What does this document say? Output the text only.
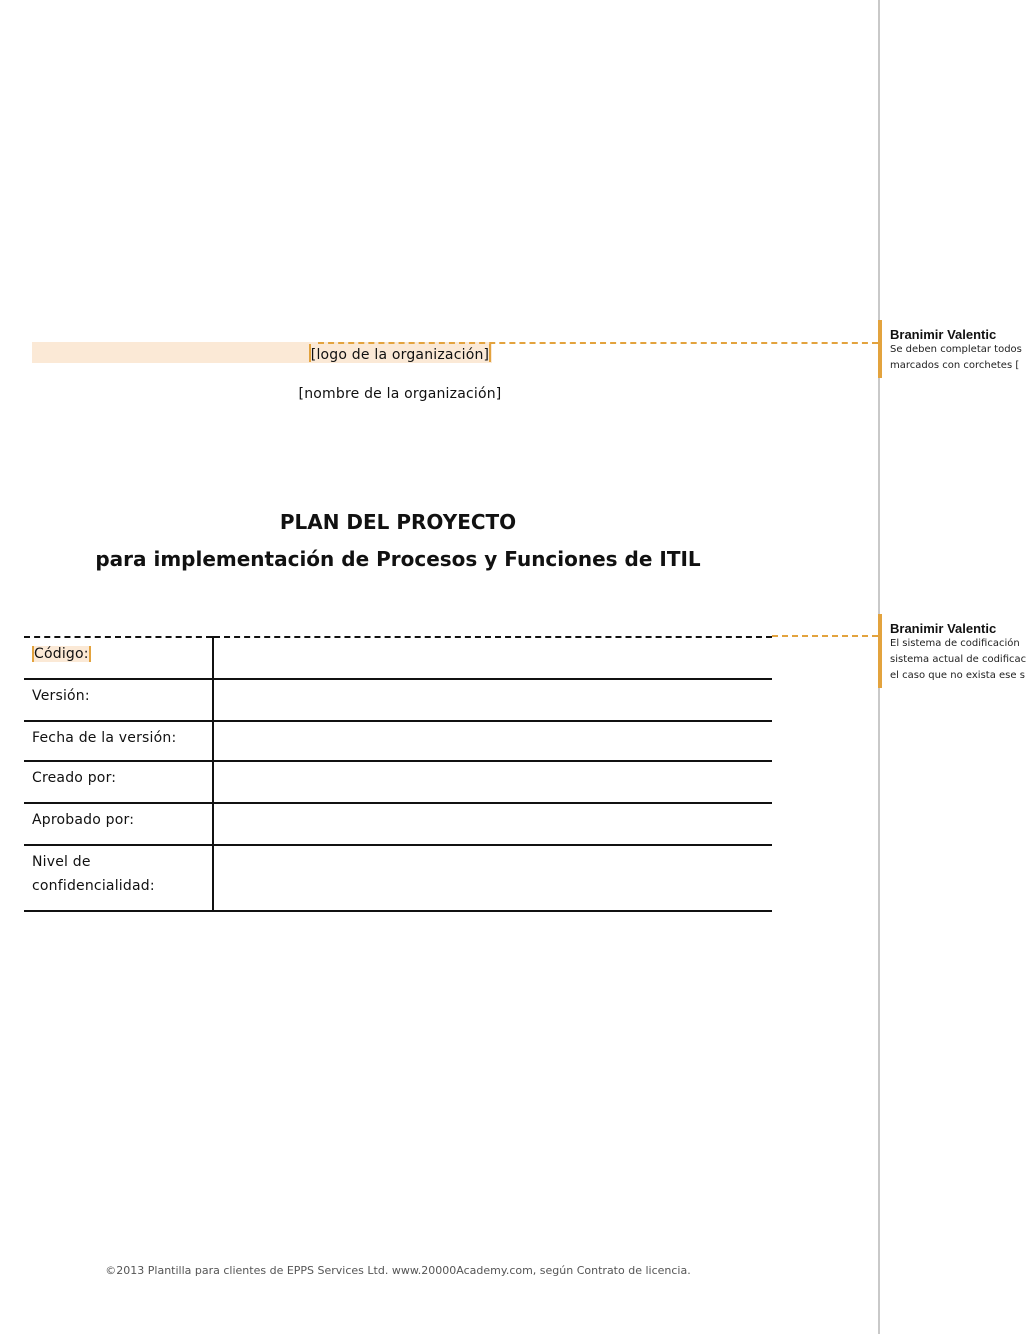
[logo de la organización]
[nombre de la organización]
PLAN DEL PROYECTO
para implementación de Procesos y Funciones de ITIL
Código:	
Versión:	
Fecha de la versión:	
Creado por:	
Aprobado por:	
Nivel de confidencialidad:	
©2013 Plantilla para clientes de EPPS Services Ltd. www.20000Academy.com, según Contrato de licencia.
Branimir Valentic
Se deben completar todos
marcados con corchetes [
Branimir Valentic
El sistema de codificación
sistema actual de codificac
el caso que no exista ese s
